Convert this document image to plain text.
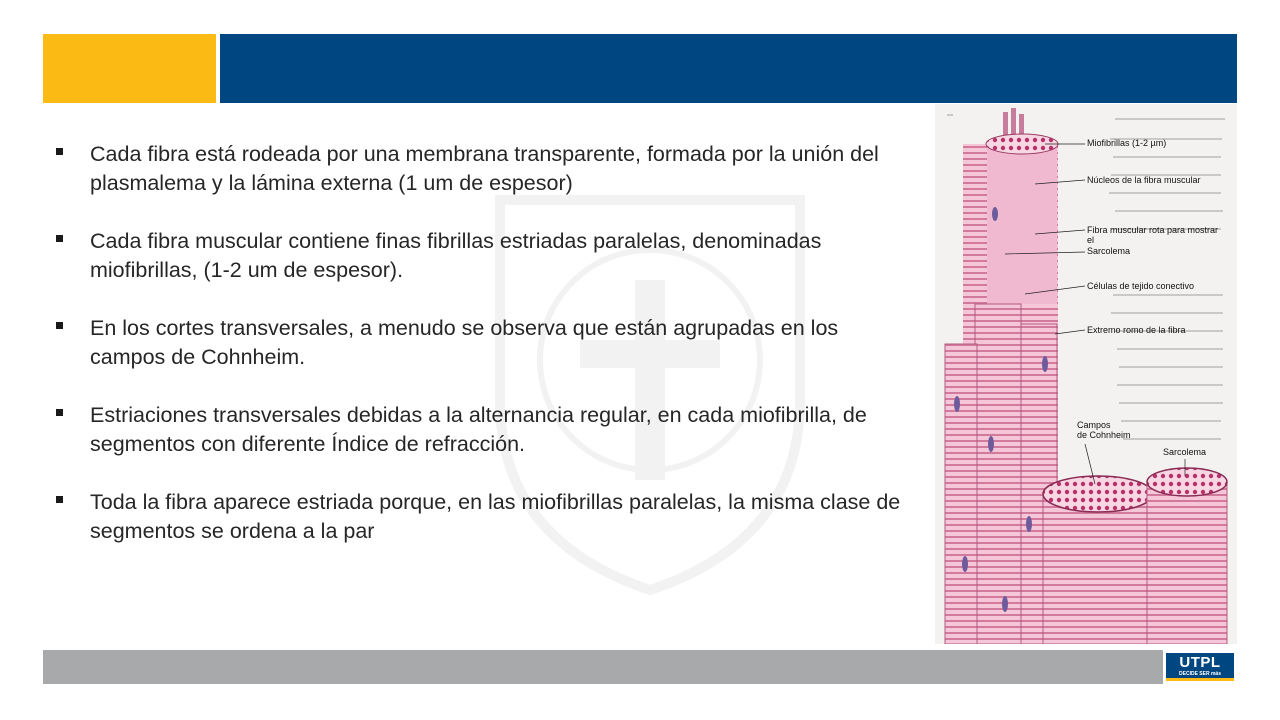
Cada fibra está rodeada por una membrana transparente, formada por la unión del plasmalema y la lámina externa (1 um de espesor)
Cada fibra muscular contiene finas fibrillas estriadas paralelas, denominadas miofibrillas, (1-2 um de espesor).
En los cortes transversales, a menudo se observa que están agrupadas en los campos de Cohnheim.
Estriaciones transversales debidas a la alternancia regular, en cada miofibrilla, de segmentos con diferente Índice de refracción.
Toda la fibra aparece estriada porque, en las miofibrillas paralelas, la misma clase de segmentos se ordena a la par
Miofibrillas (1-2 µm)
Núcleos de la fibra muscular
Fibra muscular rota para mostrar
el
Sarcolema
Células de tejido conectivo
Extremo romo de la fibra
Campos
de Cohnheim
Sarcolema
UTPL
DECIDE SER más
